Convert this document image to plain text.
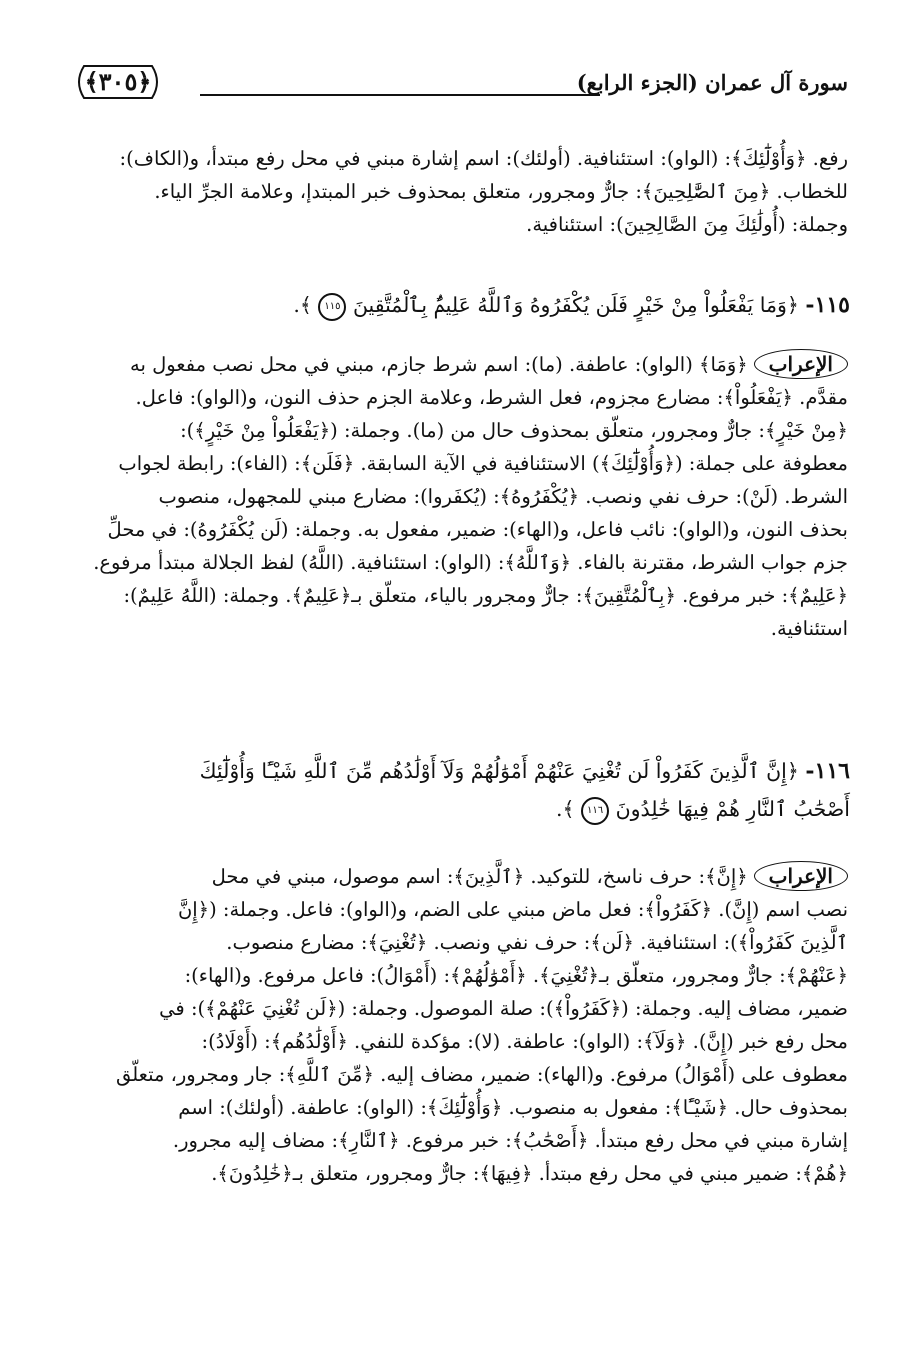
﴿٣٠٥﴾	سورة آل عمران (الجزء الرابع)
رفع. ﴿وَأُوْلَٰٓئِكَ﴾: (الواو): استئنافية. (أولئك): اسم إشارة مبني في محل رفع مبتدأ، و(الكاف):
للخطاب. ﴿مِنَ ٱلصَّٰلِحِينَ﴾: جارٌّ ومجرور، متعلق بمحذوف خبر المبتدإ، وعلامة الجرِّ الياء.
وجملة: (أُولَٰئِكَ مِنَ الصَّالِحِينَ): استئنافية.
١١٥- ﴿وَمَا يَفْعَلُواْ مِنْ خَيْرٍ فَلَن يُكْفَرُوهُ وَٱللَّهُ عَلِيمٌۢ بِٱلْمُتَّقِينَ ١١٥ ﴾.
الإعراب﴿وَمَا﴾ (الواو): عاطفة. (ما): اسم شرط جازم، مبني في محل نصب مفعول به
مقدَّم. ﴿يَفْعَلُواْ﴾: مضارع مجزوم، فعل الشرط، وعلامة الجزم حذف النون، و(الواو): فاعل.
﴿مِنْ خَيْرٍ﴾: جارٌّ ومجرور، متعلّق بمحذوف حال من (ما). وجملة: (﴿يَفْعَلُواْ مِنْ خَيْرٍ﴾):
معطوفة على جملة: (﴿وَأُوْلَٰٓئِكَ﴾) الاستئنافية في الآية السابقة. ﴿فَلَن﴾: (الفاء): رابطة لجواب
الشرط. (لَنْ): حرف نفي ونصب. ﴿يُكْفَرُوهُ﴾: (يُكفَروا): مضارع مبني للمجهول، منصوب
بحذف النون، و(الواو): نائب فاعل، و(الهاء): ضمير، مفعول به. وجملة: (لَن يُكْفَرُوهُ): في محلِّ
جزم جواب الشرط، مقترنة بالفاء. ﴿وَٱللَّهُ﴾: (الواو): استئنافية. (اللَّهُ) لفظ الجلالة مبتدأ مرفوع.
﴿عَلِيمٌ﴾: خبر مرفوع. ﴿بِٱلْمُتَّقِينَ﴾: جارٌّ ومجرور بالياء، متعلّق بـ﴿عَلِيمٌ﴾. وجملة: (اللَّهُ عَلِيمٌ):
استئنافية.
١١٦- ﴿إِنَّ ٱلَّذِينَ كَفَرُواْ لَن تُغْنِيَ عَنْهُمْ أَمْوَٰلُهُمْ وَلَآ أَوْلَٰدُهُم مِّنَ ٱللَّهِ شَيْـًٔا وَأُوْلَٰٓئِكَ
أَصْحَٰبُ ٱلنَّارِ هُمْ فِيهَا خَٰلِدُونَ ١١٦ ﴾.
الإعراب﴿إِنَّ﴾: حرف ناسخ، للتوكيد. ﴿ٱلَّذِينَ﴾: اسم موصول، مبني في محل
نصب اسم (إِنَّ). ﴿كَفَرُواْ﴾: فعل ماض مبني على الضم، و(الواو): فاعل. وجملة: (﴿إِنَّ
ٱلَّذِينَ كَفَرُواْ﴾): استئنافية. ﴿لَن﴾: حرف نفي ونصب. ﴿تُغْنِيَ﴾: مضارع منصوب.
﴿عَنْهُمْ﴾: جارٌّ ومجرور، متعلّق بـ﴿تُغْنِيَ﴾. ﴿أَمْوَٰلُهُمْ﴾: (أَمْوَالُ): فاعل مرفوع. و(الهاء):
ضمير، مضاف إليه. وجملة: (﴿كَفَرُواْ﴾): صلة الموصول. وجملة: (﴿لَن تُغْنِيَ عَنْهُمْ﴾): في
محل رفع خبر (إِنَّ). ﴿وَلَآ﴾: (الواو): عاطفة. (لا): مؤكدة للنفي. ﴿أَوْلَٰدُهُم﴾: (أَوْلَادُ):
معطوف على (أَمْوَالُ) مرفوع. و(الهاء): ضمير، مضاف إليه. ﴿مِّنَ ٱللَّهِ﴾: جار ومجرور، متعلّق
بمحذوف حال. ﴿شَيْـًٔا﴾: مفعول به منصوب. ﴿وَأُوْلَٰٓئِكَ﴾: (الواو): عاطفة. (أولئك): اسم
إشارة مبني في محل رفع مبتدأ. ﴿أَصْحَٰبُ﴾: خبر مرفوع. ﴿ٱلنَّارِ﴾: مضاف إليه مجرور.
﴿هُمْ﴾: ضمير مبني في محل رفع مبتدأ. ﴿فِيهَا﴾: جارٌّ ومجرور، متعلق بـ﴿خَٰلِدُونَ﴾.
